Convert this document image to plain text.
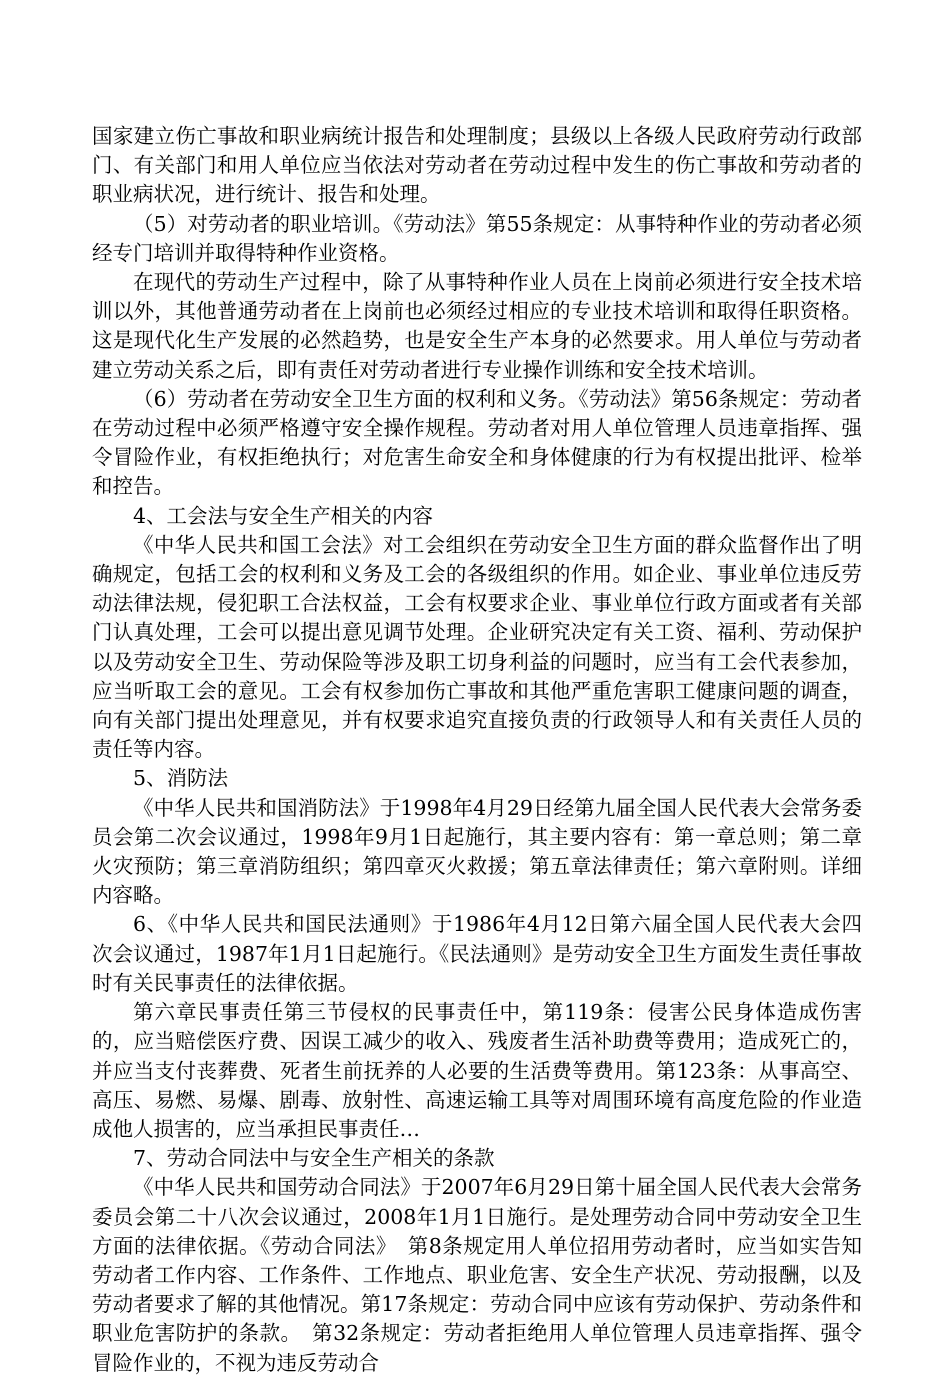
国家建立伤亡事故和职业病统计报告和处理制度；县级以上各级人民政府劳动行政部门、有关部门和用人单位应当依法对劳动者在劳动过程中发生的伤亡事故和劳动者的职业病状况，进行统计、报告和处理。

（5）对劳动者的职业培训。《劳动法》第55条规定：从事特种作业的劳动者必须经专门培训并取得特种作业资格。

在现代的劳动生产过程中，除了从事特种作业人员在上岗前必须进行安全技术培训以外，其他普通劳动者在上岗前也必须经过相应的专业技术培训和取得任职资格。这是现代化生产发展的必然趋势，也是安全生产本身的必然要求。用人单位与劳动者建立劳动关系之后，即有责任对劳动者进行专业操作训练和安全技术培训。

（6）劳动者在劳动安全卫生方面的权利和义务。《劳动法》第56条规定：劳动者在劳动过程中必须严格遵守安全操作规程。劳动者对用人单位管理人员违章指挥、强令冒险作业，有权拒绝执行；对危害生命安全和身体健康的行为有权提出批评、检举和控告。

4、工会法与安全生产相关的内容

《中华人民共和国工会法》对工会组织在劳动安全卫生方面的群众监督作出了明确规定，包括工会的权利和义务及工会的各级组织的作用。如企业、事业单位违反劳动法律法规，侵犯职工合法权益，工会有权要求企业、事业单位行政方面或者有关部门认真处理，工会可以提出意见调节处理。企业研究决定有关工资、福利、劳动保护以及劳动安全卫生、劳动保险等涉及职工切身利益的问题时，应当有工会代表参加，应当听取工会的意见。工会有权参加伤亡事故和其他严重危害职工健康问题的调查，向有关部门提出处理意见，并有权要求追究直接负责的行政领导人和有关责任人员的责任等内容。

5、消防法

《中华人民共和国消防法》于1998年4月29日经第九届全国人民代表大会常务委员会第二次会议通过，1998年9月1日起施行，其主要内容有：第一章总则；第二章火灾预防；第三章消防组织；第四章灭火救援；第五章法律责任；第六章附则。详细内容略。

6、《中华人民共和国民法通则》于1986年4月12日第六届全国人民代表大会四次会议通过，1987年1月1日起施行。《民法通则》是劳动安全卫生方面发生责任事故时有关民事责任的法律依据。

第六章民事责任第三节侵权的民事责任中，第119条：侵害公民身体造成伤害的，应当赔偿医疗费、因误工减少的收入、残废者生活补助费等费用；造成死亡的，并应当支付丧葬费、死者生前抚养的人必要的生活费等费用。第123条：从事高空、高压、易燃、易爆、剧毒、放射性、高速运输工具等对周围环境有高度危险的作业造成他人损害的，应当承担民事责任…

7、劳动合同法中与安全生产相关的条款

《中华人民共和国劳动合同法》于2007年6月29日第十届全国人民代表大会常务委员会第二十八次会议通过，2008年1月1日施行。是处理劳动合同中劳动安全卫生方面的法律依据。《劳动合同法》　第8条规定用人单位招用劳动者时，应当如实告知劳动者工作内容、工作条件、工作地点、职业危害、安全生产状况、劳动报酬，以及劳动者要求了解的其他情况。第17条规定：劳动合同中应该有劳动保护、劳动条件和职业危害防护的条款。　第32条规定：劳动者拒绝用人单位管理人员违章指挥、强令冒险作业的，不视为违反劳动合
